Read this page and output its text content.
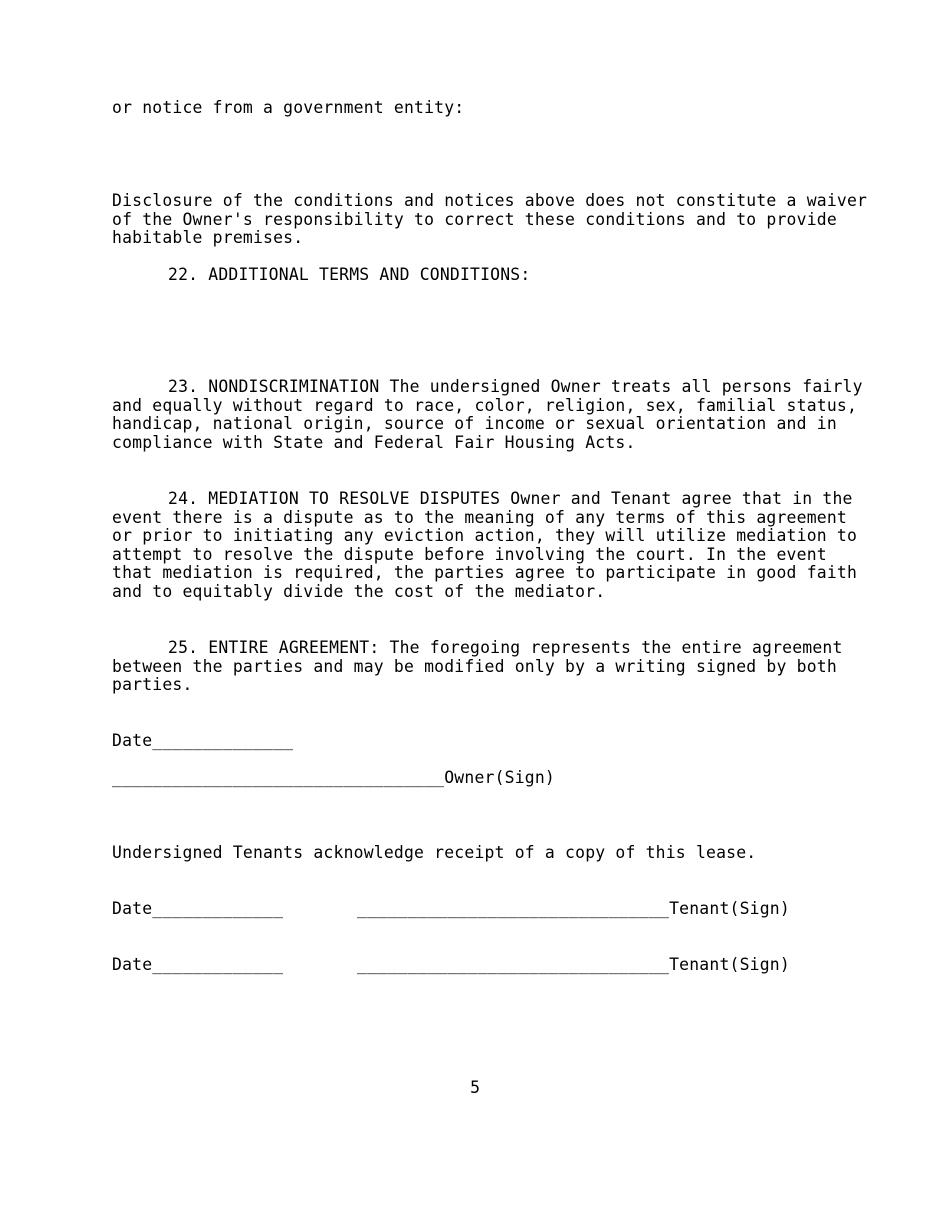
or notice from a government entity:

Disclosure of the conditions and notices above does not constitute a waiver of the Owner's responsibility to correct these conditions and to provide habitable premises.

22. ADDITIONAL TERMS AND CONDITIONS:

23. NONDISCRIMINATION The undersigned Owner treats all persons fairly and equally without regard to race, color, religion, sex, familial status, handicap, national origin, source of income or sexual orientation and in compliance with State and Federal Fair Housing Acts.

24. MEDIATION TO RESOLVE DISPUTES Owner and Tenant agree that in the event there is a dispute as to the meaning of any terms of this agreement or prior to initiating any eviction action, they will utilize mediation to attempt to resolve the dispute before involving the court. In the event that mediation is required, the parties agree to participate in good faith and to equitably divide the cost of the mediator.

25. ENTIRE AGREEMENT: The foregoing represents the entire agreement between the parties and may be modified only by a writing signed by both parties.

Date______________

_________________________________Owner(Sign)

Undersigned Tenants acknowledge receipt of a copy of this lease.

Date_____________	_______________________________Tenant(Sign)

Date_____________	_______________________________Tenant(Sign)

5
